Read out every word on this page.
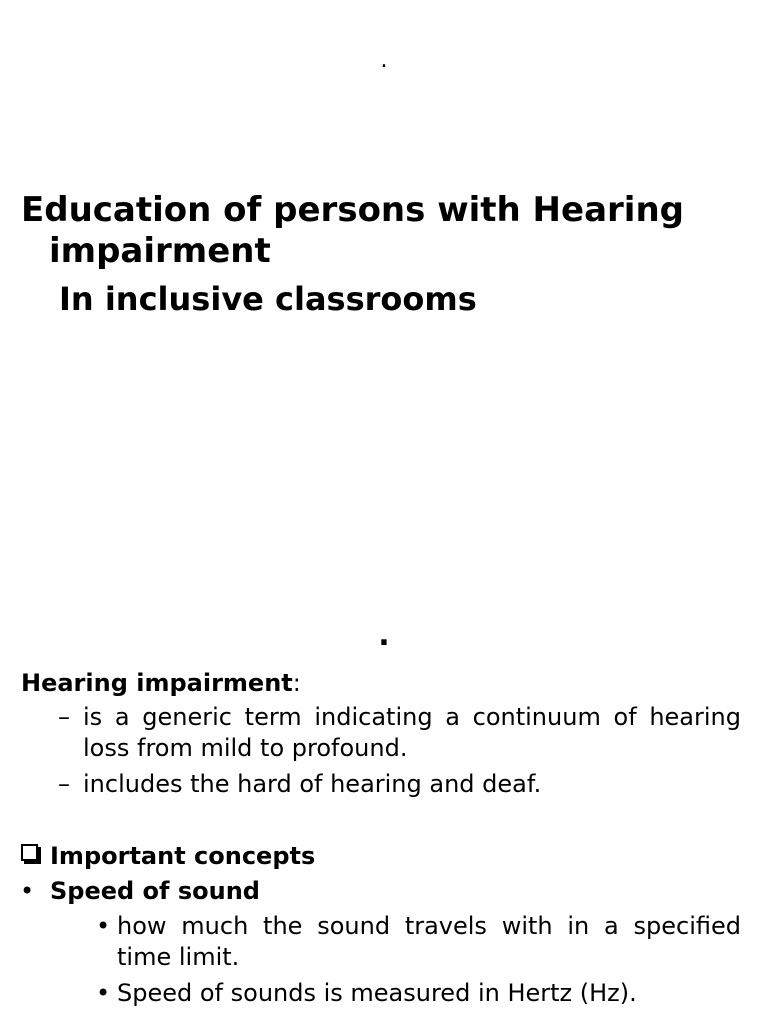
.
Education of persons with Hearing
impairment
In inclusive classrooms
.
Hearing impairment:
– is a generic term indicating a continuum of hearing loss from mild to profound.
– includes the hard of hearing and deaf.
Important concepts
• Speed of sound
• how much the sound travels with in a specified time limit.
• Speed of sounds is measured in Hertz (Hz).
